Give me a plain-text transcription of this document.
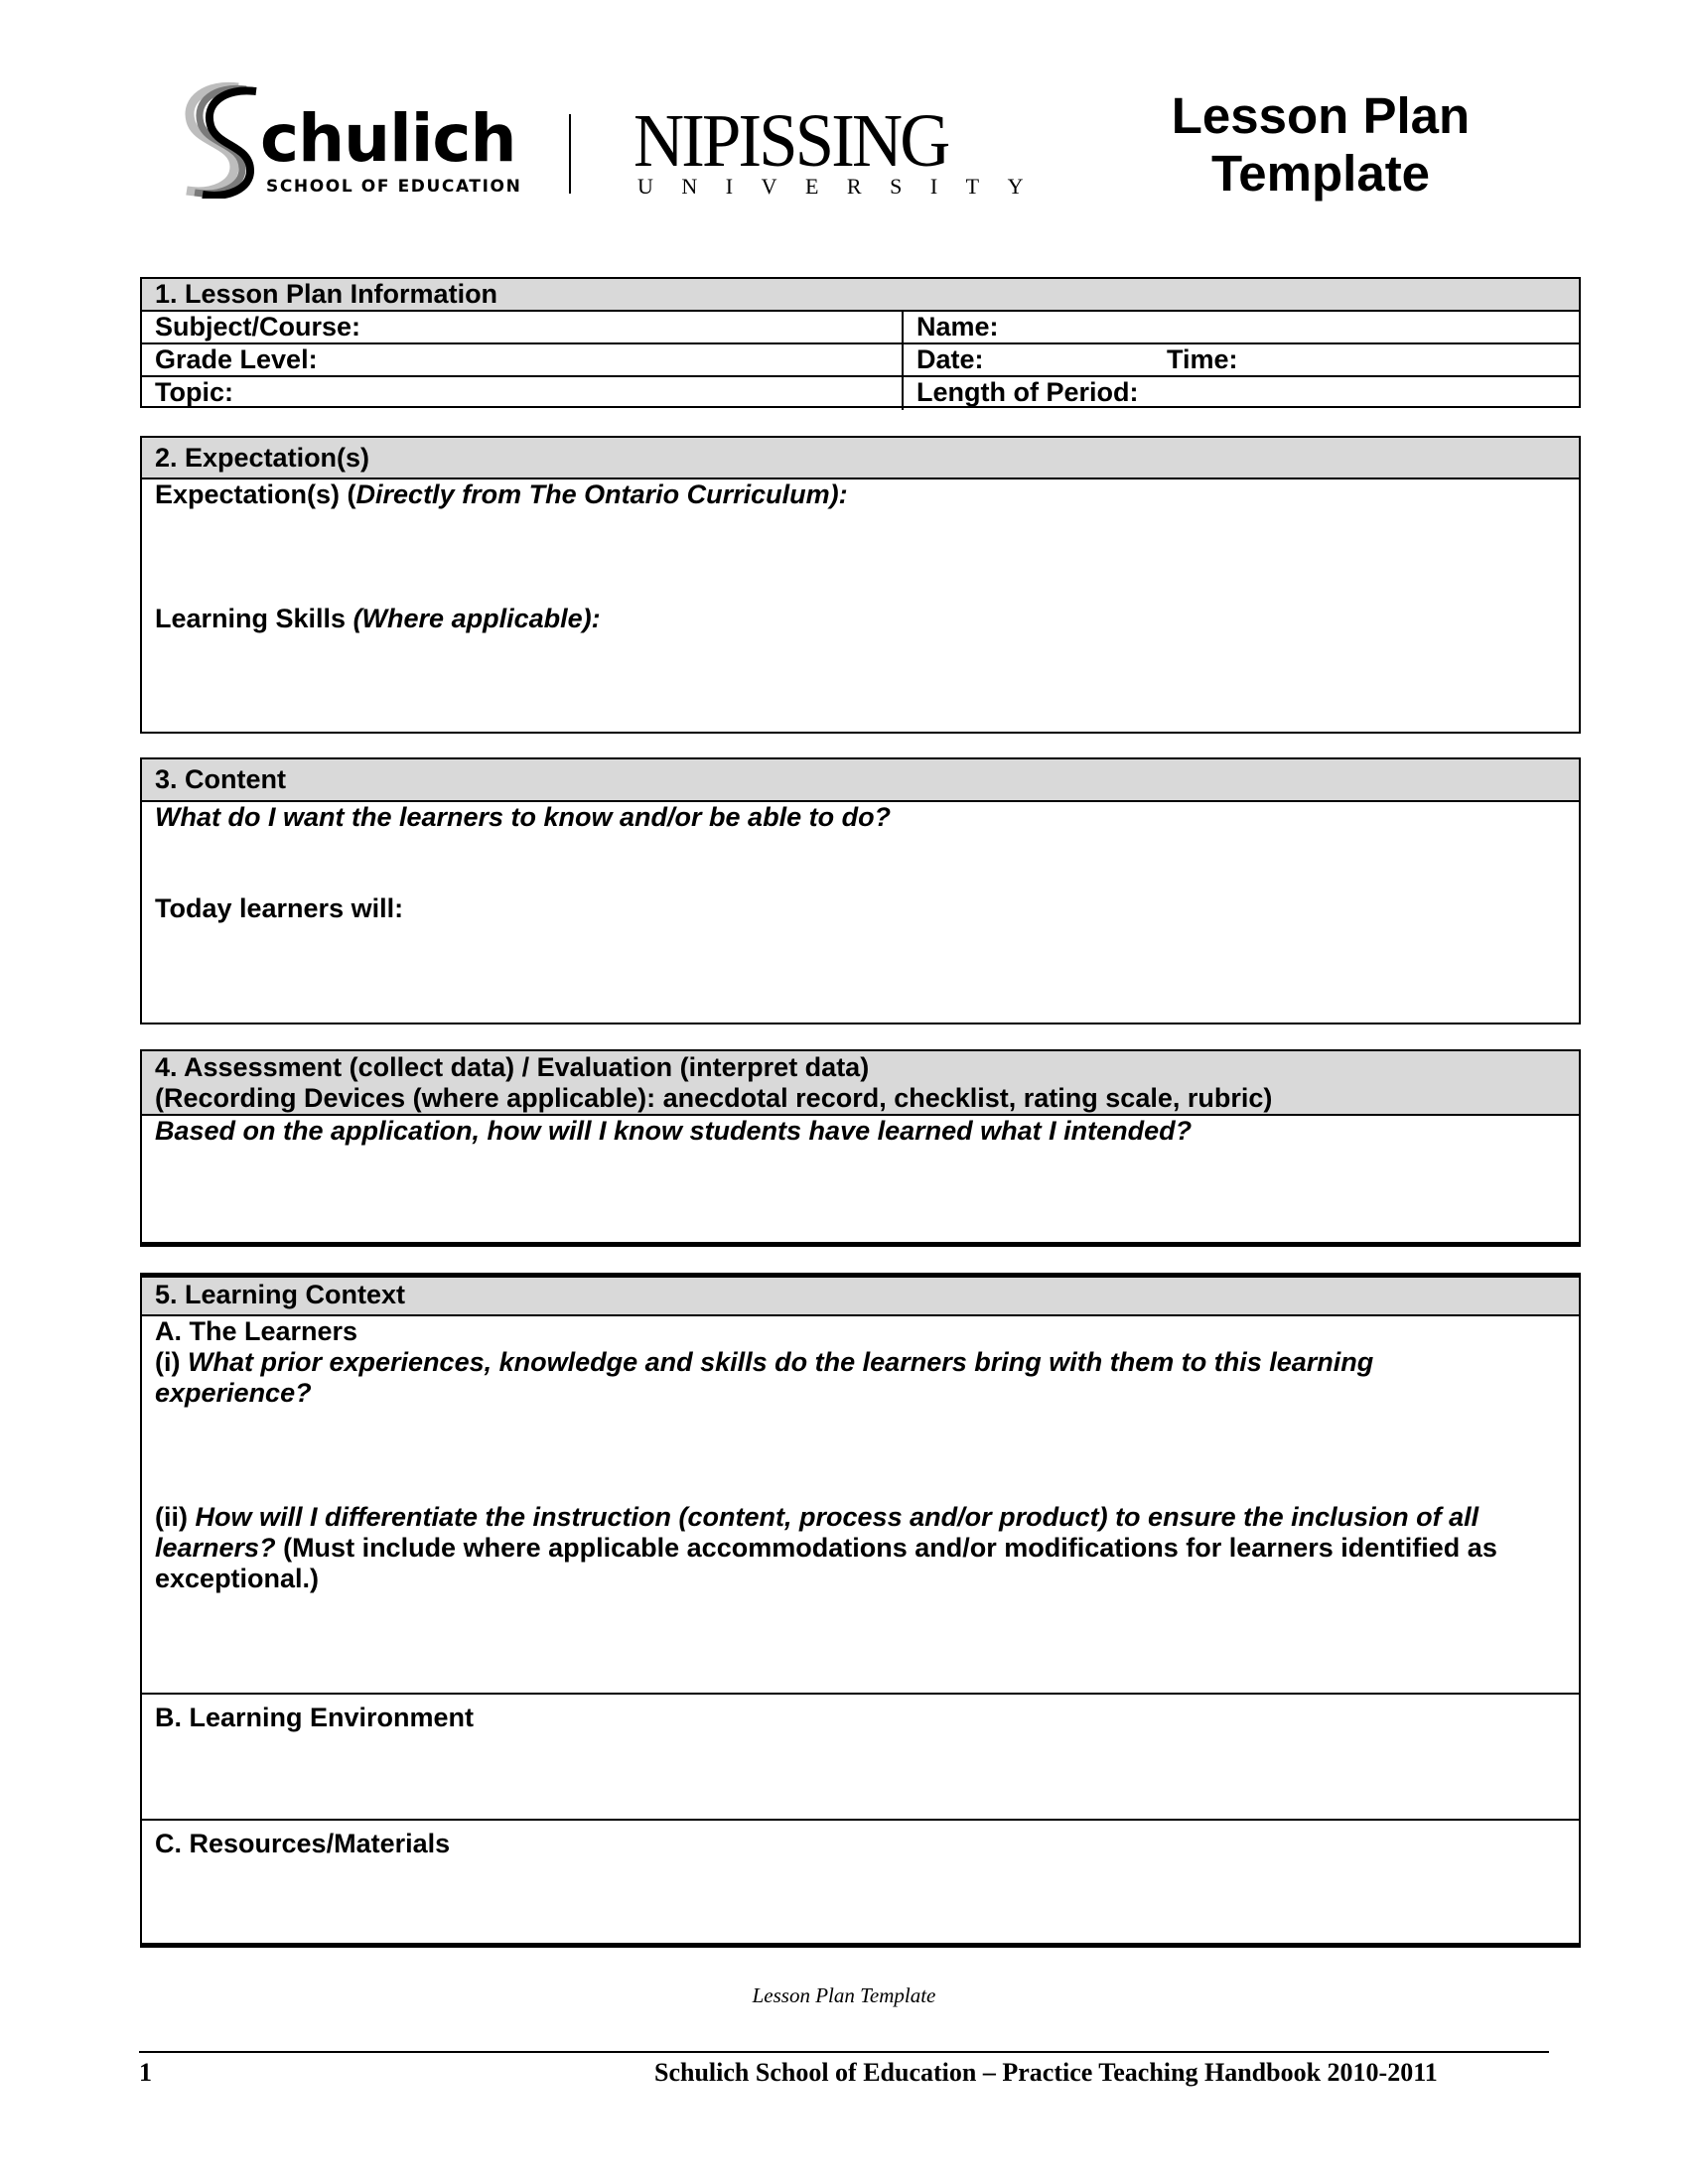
chulich
SCHOOL OF EDUCATION
NIPISSING
UNIVERSITY
Lesson Plan
Template
1. Lesson Plan Information
Subject/Course:	Name:
Grade Level:	Date:	Time:
Topic:	Length of Period:
2. Expectation(s)
Expectation(s) (Directly from The Ontario Curriculum):
Learning Skills (Where applicable):
3. Content
What do I want the learners to know and/or be able to do?
Today learners will:
4. Assessment (collect data) / Evaluation (interpret data)
(Recording Devices (where applicable): anecdotal record, checklist, rating scale, rubric)
Based on the application, how will I know students have learned what I intended?
5. Learning Context
A. The Learners
(i) What prior experiences, knowledge and skills do the learners bring with them to this learning experience?
(ii) How will I differentiate the instruction (content, process and/or product) to ensure the inclusion of all learners? (Must include where applicable accommodations and/or modifications for learners identified as exceptional.)
B. Learning Environment
C. Resources/Materials
Lesson Plan Template
1	Schulich School of Education – Practice Teaching Handbook 2010-2011
